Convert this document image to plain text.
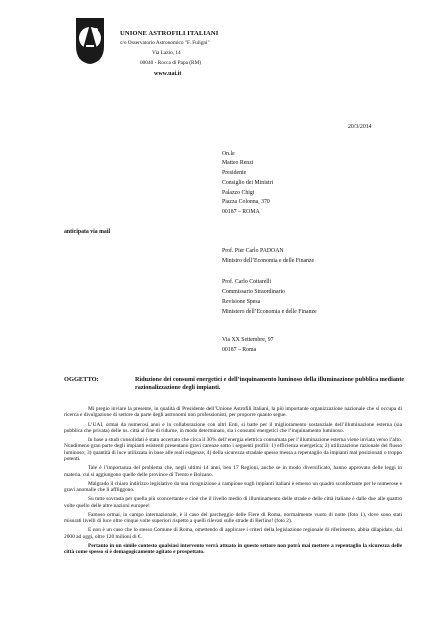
UNIONE ASTROFILI ITALIANI
c/o Osservatorio Astronomico "F. Fuligni"
Via Lazio, 14
00040 - Rocca di Papa (RM)
www.uai.it
20/3/2014
On.le
Matteo Renzi
Presidente
Consiglio dei Ministri
Palazzo Chigi
Piazza Colonna, 370
00187 – ROMA
anticipata via mail
Prof. Pier Carlo PADOAN
Ministro dell’Economia e delle Finanze
Prof. Carlo Cottarelli
Commissario Straordinario
Revisione Spesa
Ministero dell’Economia e delle Finanze
Via XX Settembre, 97
00187 – Roma
OGGETTO:	Riduzione dei consumi energetici e dell’inquinamento luminoso della illuminazione pubblica mediante razionalizzazione degli impianti.

Mi pregio inviare la presente, in qualità di Presidente dell’Unione Astrofili Italiani, la più importante organizzazione nazionale che si occupa di ricerca e divulgazione di settore da parte degli astronomi non professionisti, per proporre quanto segue.

L’UAI, ormai da numerosi anni e in collaborazione con altri Enti, si batte per il miglioramento sostanziale dell’illuminazione esterna (sia pubblica che privata) delle ns. città al fine di ridurne, in modo determinato, sia i consumi energetici che l’inquinamento luminoso.

In base a studi consolidati è stato accertato che circa il 30% dell’energia elettrica consumata per l’illuminazione esterna viene inviata verso l’alto. Nondimeno gran parte degli impianti esistenti presentano gravi carenze sotto i seguenti profili: 1) efficienza energetica; 2) utilizzazione razionale del flusso luminoso; 3) quantità di luce utilizzata in base alle reali esigenze; 4) della sicurezza stradale spesso messa a repentaglio da impianti mal posizionati o troppo potenti.

Tale è l’importanza del problema che, negli ultimi 14 anni, ben 17 Regioni, anche se in modo diversificato, hanno approvato delle leggi in materia. cui si aggiungono quelle delle province di Trento e Bolzano.

Malgrado il chiaro indirizzo legislativo da una ricognizione a campione sugli impianti italiani è emerso un quadro sconfortante per le numerose e gravi anomalie che li affliggono.

Su tutte sovrasta per quella più sconcertante e cioè che il livello medio di illuminamento delle strade e delle città italiane è dalle due alle quattro volte quello delle altre nazioni europee!

Famoso ormai, in campo internazionale, è il caso del parcheggio delle Fiere di Roma, normalmente vuoto di notte (foto 1), dove sono stati misurati livelli di luce oltre cinque volte superiori rispetto a quelli rilevati sulle strade di Berlino! (foto 2).

E non è un caso che lo stesso Comune di Roma, omettendo di applicare i criteri della legislazione regionale di riferimento, abbia dilapidato, dal 2000 ad oggi, oltre 120 milioni di €.

Pertanto in un simile contesto qualsiasi intervento verrà attuato in questo settore non potrà mai mettere a repentaglio la sicurezza delle città come spesso si è demagogicamente agitato e prospettato.
